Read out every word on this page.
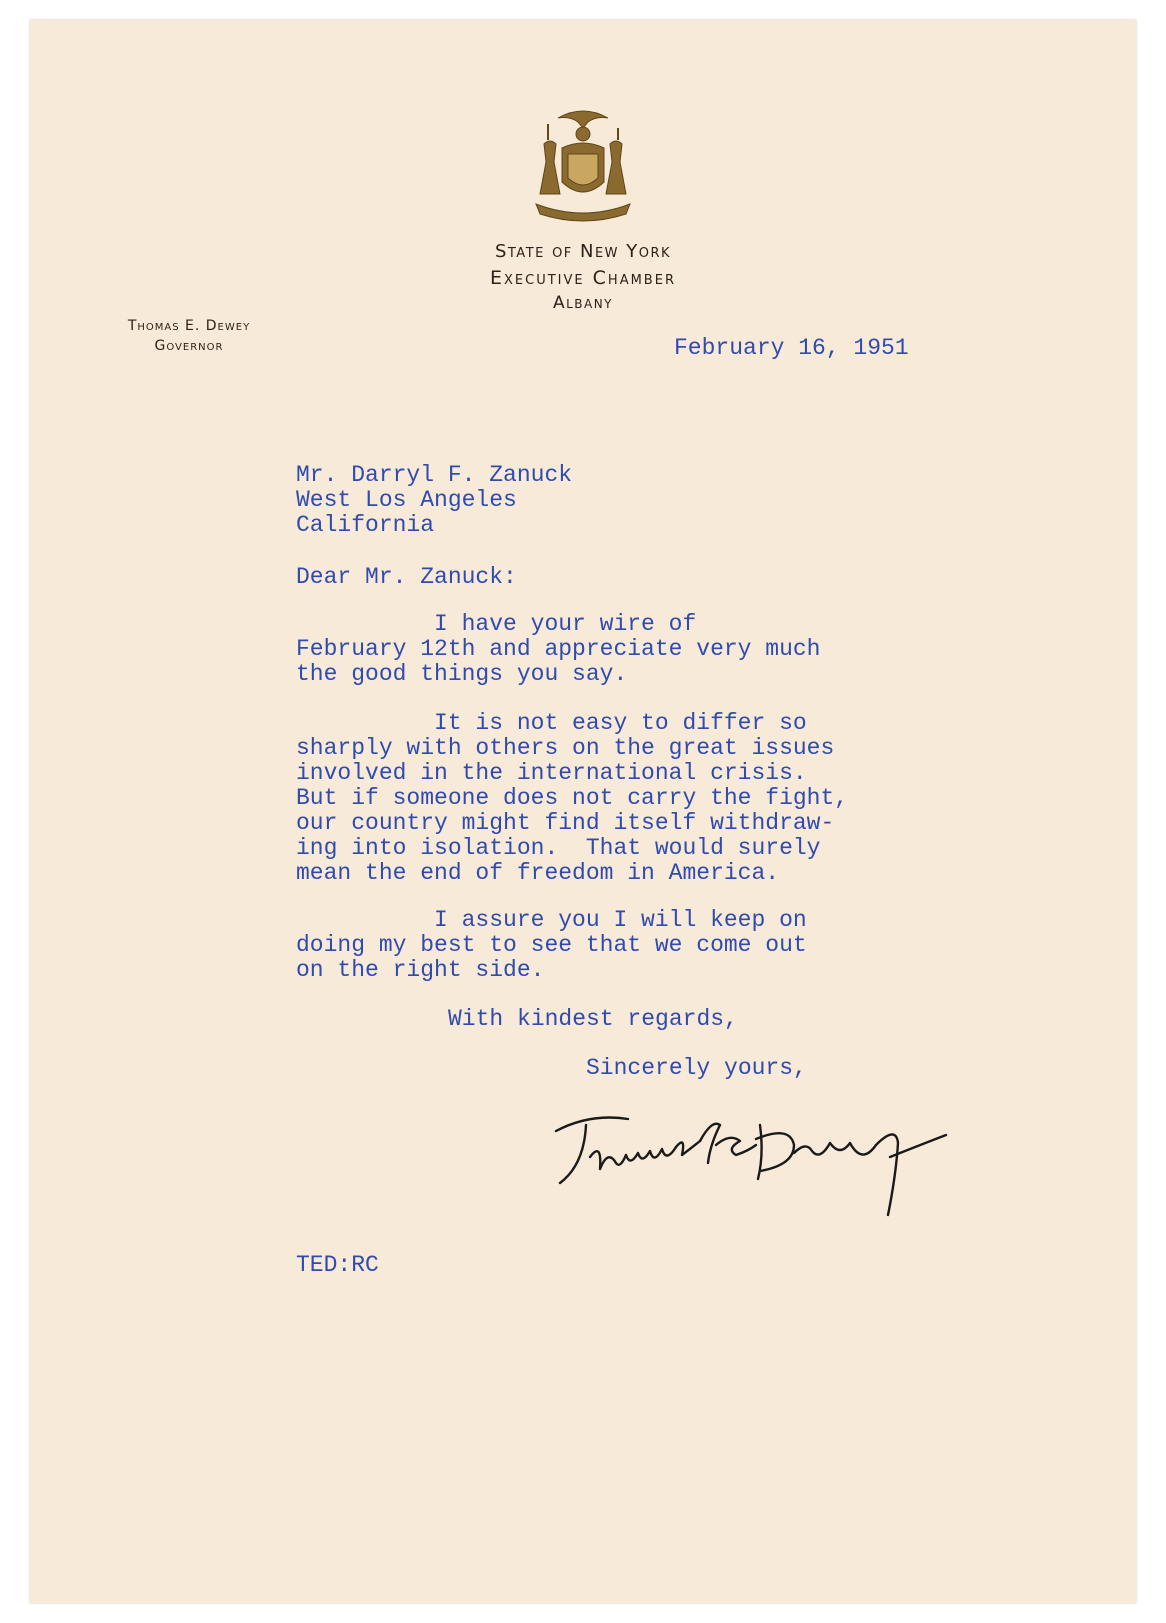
State of New York
Executive Chamber
Albany
Thomas E. Dewey
Governor	February 16, 1951
Mr. Darryl F. Zanuck
West Los Angeles
California
Dear Mr. Zanuck:
I have your wire of
February 12th and appreciate very much
the good things you say.
It is not easy to differ so
sharply with others on the great issues
involved in the international crisis.
But if someone does not carry the fight,
our country might find itself withdraw-
ing into isolation.  That would surely
mean the end of freedom in America.
I assure you I will keep on
doing my best to see that we come out
on the right side.
With kindest regards,
Sincerely yours,
TED:RC
